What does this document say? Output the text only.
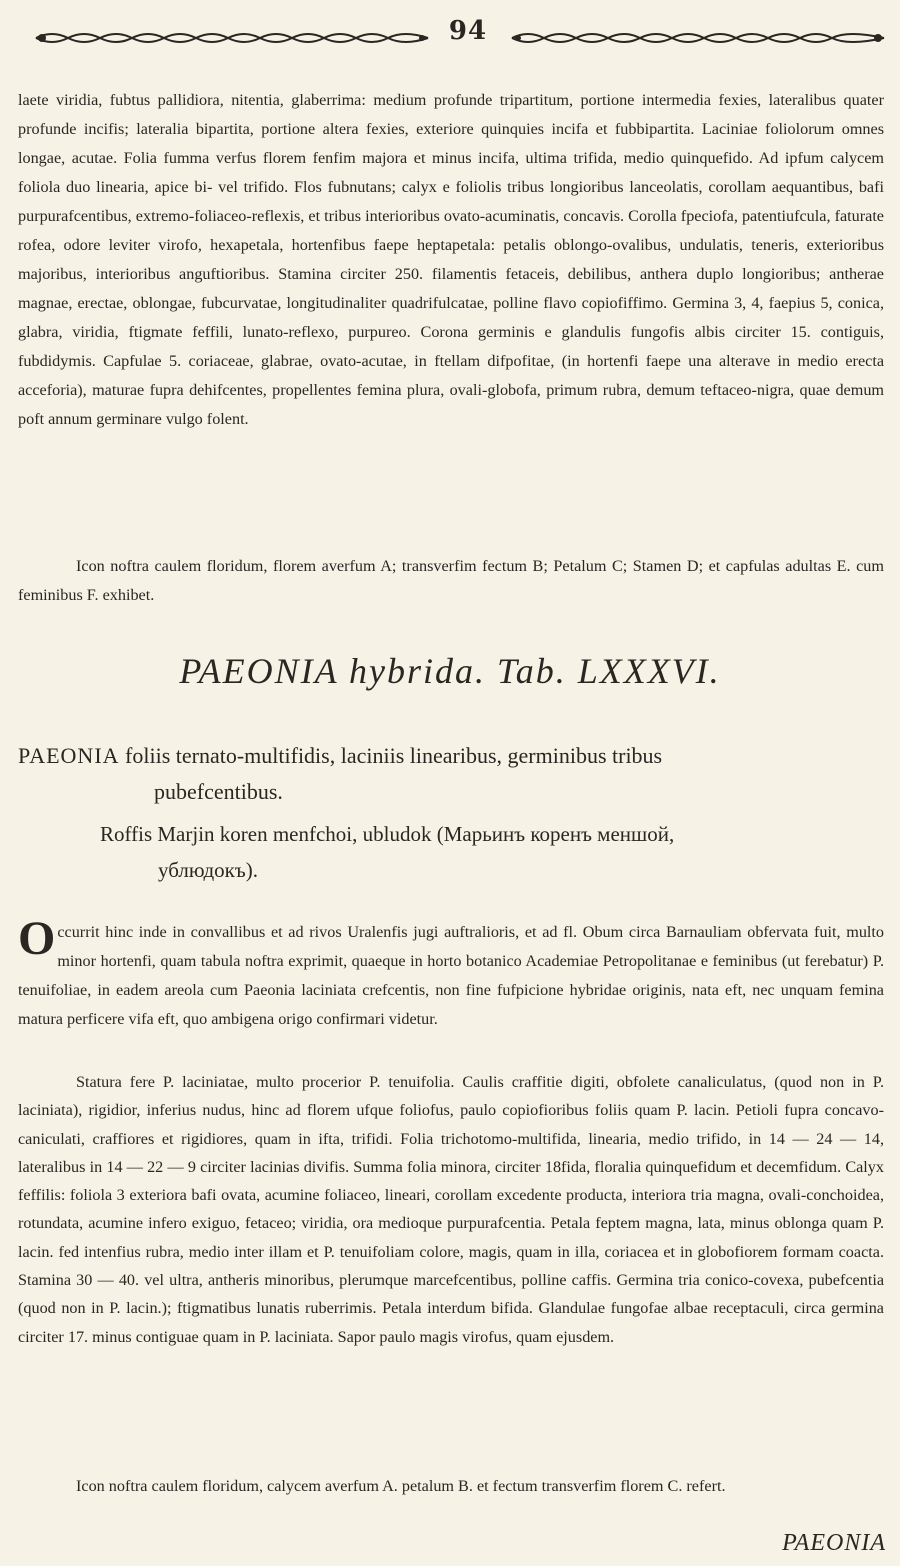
94

laete viridia, fubtus pallidiora, nitentia, glaberrima: medium profunde tripartitum, portione intermedia fexies, lateralibus quater profunde incifis; lateralia bipartita, portione altera fexies, exteriore quinquies incifa et fubbipartita. Laciniae foliolorum omnes longae, acutae. Folia fumma verfus florem fenfim majora et minus incifa, ultima trifida, medio quinquefido. Ad ipfum calycem foliola duo linearia, apice bi- vel trifido. Flos fubnutans; calyx e foliolis tribus longioribus lanceolatis, corollam aequantibus, bafi purpurafcentibus, extremo-foliaceo-reflexis, et tribus interioribus ovato-acuminatis, concavis. Corolla fpeciofa, patentiufcula, faturate rofea, odore leviter virofo, hexapetala, hortenfibus faepe heptapetala: petalis oblongo-ovalibus, undulatis, teneris, exterioribus majoribus, interioribus anguftioribus. Stamina circiter 250. filamentis fetaceis, debilibus, anthera duplo longioribus; antherae magnae, erectae, oblongae, fubcurvatae, longitudinaliter quadrifulcatae, polline flavo copiofiffimo. Germina 3, 4, faepius 5, conica, glabra, viridia, ftigmate feffili, lunato-reflexo, purpureo. Corona germinis e glandulis fungofis albis circiter 15. contiguis, fubdidymis. Capfulae 5. coriaceae, glabrae, ovato-acutae, in ftellam difpofitae, (in hortenfi faepe una alterave in medio erecta acceforia), maturae fupra dehifcentes, propellentes femina plura, ovali-globofa, primum rubra, demum teftaceo-nigra, quae demum poft annum germinare vulgo folent.

Icon noftra caulem floridum, florem averfum A; transverfim fectum B; Petalum C; Stamen D; et capfulas adultas E. cum feminibus F. exhibet.

PAEONIA hybrida. Tab. LXXXVI.
PAEONIA foliis ternato-multifidis, laciniis linearibus, germinibus tribus
pubefcentibus.
Roffis Marjin koren menfchoi, ubludok (Марьинъ коренъ меншой,
ублюдокъ).
O ccurrit hinc inde in convallibus et ad rivos Uralenfis jugi auftralioris, et ad fl. Obum circa Barnauliam obfervata fuit, multo minor hortenfi, quam tabula noftra exprimit, quaeque in horto botanico Academiae Petropolitanae e feminibus (ut ferebatur) P. tenuifoliae, in eadem areola cum Paeonia laciniata crefcentis, non fine fufpicione hybridae originis, nata eft, nec unquam femina matura perficere vifa eft, quo ambigena origo confirmari videtur.

Statura fere P. laciniatae, multo procerior P. tenuifolia. Caulis craffitie digiti, obfolete canaliculatus, (quod non in P. laciniata), rigidior, inferius nudus, hinc ad florem ufque foliofus, paulo copiofioribus foliis quam P. lacin. Petioli fupra concavo-caniculati, craffiores et rigidiores, quam in ifta, trifidi. Folia trichotomo-multifida, linearia, medio trifido, in 14 — 24 — 14, lateralibus in 14 — 22 — 9 circiter lacinias divifis. Summa folia minora, circiter 18fida, floralia quinquefidum et decemfidum. Calyx feffilis: foliola 3 exteriora bafi ovata, acumine foliaceo, lineari, corollam excedente producta, interiora tria magna, ovali-conchoidea, rotundata, acumine infero exiguo, fetaceo; viridia, ora medioque purpurafcentia. Petala feptem magna, lata, minus oblonga quam P. lacin. fed intenfius rubra, medio inter illam et P. tenuifoliam colore, magis, quam in illa, coriacea et in globofiorem formam coacta. Stamina 30 — 40. vel ultra, antheris minoribus, plerumque marcefcentibus, polline caffis. Germina tria conico-covexa, pubefcentia (quod non in P. lacin.); ftigmatibus lunatis ruberrimis. Petala interdum bifida. Glandulae fungofae albae receptaculi, circa germina circiter 17. minus contiguae quam in P. laciniata. Sapor paulo magis virofus, quam ejusdem.

Icon noftra caulem floridum, calycem averfum A. petalum B. et fectum transverfim florem C. refert.

PAEONIA
